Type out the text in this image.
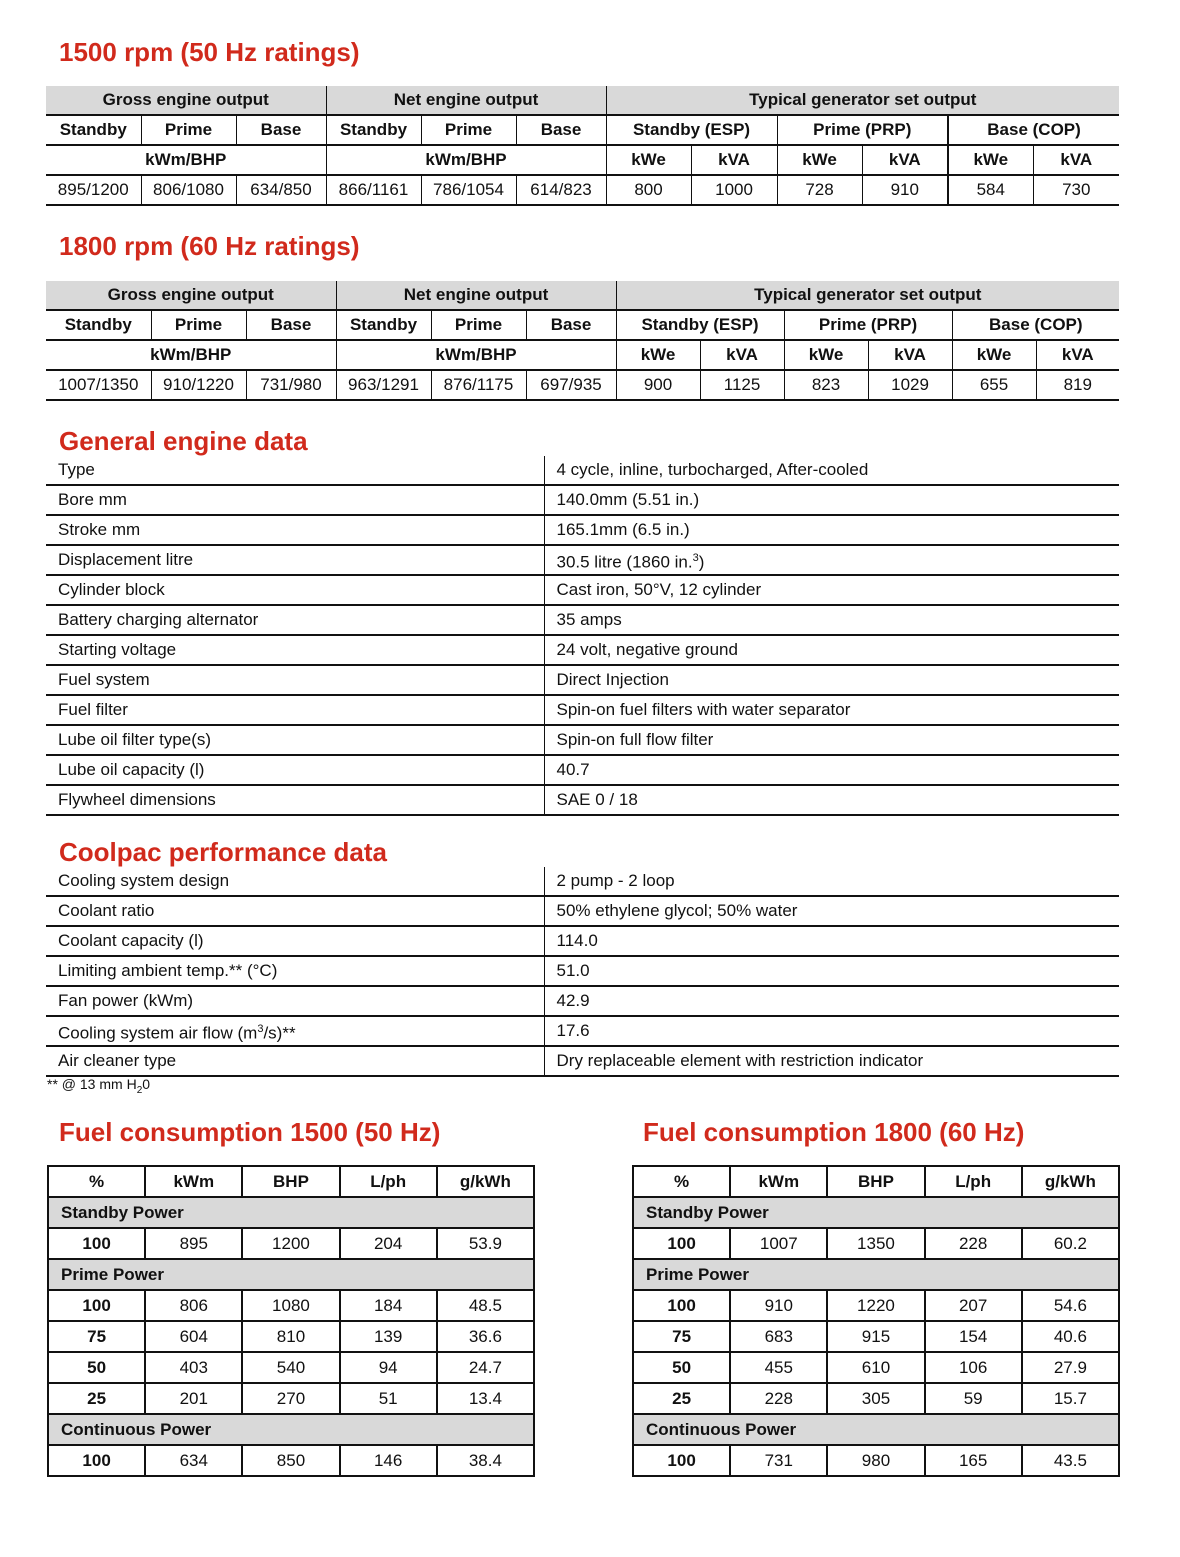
1500 rpm (50 Hz ratings)
Gross engine output			Net engine output			Typical generator set output					
Standby	Prime	Base	Standby	Prime	Base	Standby (ESP)		Prime (PRP)		Base (COP)	
kWm/BHP			kWm/BHP			kWe	kVA	kWe	kVA	kWe	kVA
895/1200	806/1080	634/850	866/1161	786/1054	614/823	800	1000	728	910	584	730
1800 rpm (60 Hz ratings)
Gross engine output			Net engine output			Typical generator set output					
Standby	Prime	Base	Standby	Prime	Base	Standby (ESP)		Prime (PRP)		Base (COP)	
kWm/BHP			kWm/BHP			kWe	kVA	kWe	kVA	kWe	kVA
1007/1350	910/1220	731/980	963/1291	876/1175	697/935	900	1125	823	1029	655	819
General engine data
Type	4 cycle, inline, turbocharged, After-cooled
Bore mm	140.0mm (5.51 in.)
Stroke mm	165.1mm (6.5 in.)
Displacement litre	30.5 litre (1860 in.$^3$)
Cylinder block	Cast iron, 50°V, 12 cylinder
Battery charging alternator	35 amps
Starting voltage	24 volt, negative ground
Fuel system	Direct Injection
Fuel filter	Spin-on fuel filters with water separator
Lube oil filter type(s)	Spin-on full flow filter
Lube oil capacity (l)	40.7
Flywheel dimensions	SAE 0 / 18
Coolpac performance data
Cooling system design	2 pump - 2 loop
Coolant ratio	50% ethylene glycol; 50% water
Coolant capacity (l)	114.0
Limiting ambient temp.** (°C)	51.0
Fan power (kWm)	42.9
Cooling system air flow $(m^3/s)**$	17.6
Air cleaner type	Dry replaceable element with restriction indicator
** @ 13 mm $H_20$
Fuel consumption 1500 (50 Hz)
%	kWm	BHP	L/ph	g/kWh
Standby Power				
100	895	1200	204	53.9
Prime Power				
100	806	1080	184	48.5
75	604	810	139	36.6
50	403	540	94	24.7
25	201	270	51	13.4
Continuous Power				
100	634	850	146	38.4
Fuel consumption 1800 (60 Hz)
%	kWm	BHP	L/ph	g/kWh
Standby Power				
100	1007	1350	228	60.2
Prime Power				
100	910	1220	207	54.6
75	683	915	154	40.6
50	455	610	106	27.9
25	228	305	59	15.7
Continuous Power				
100	731	980	165	43.5
